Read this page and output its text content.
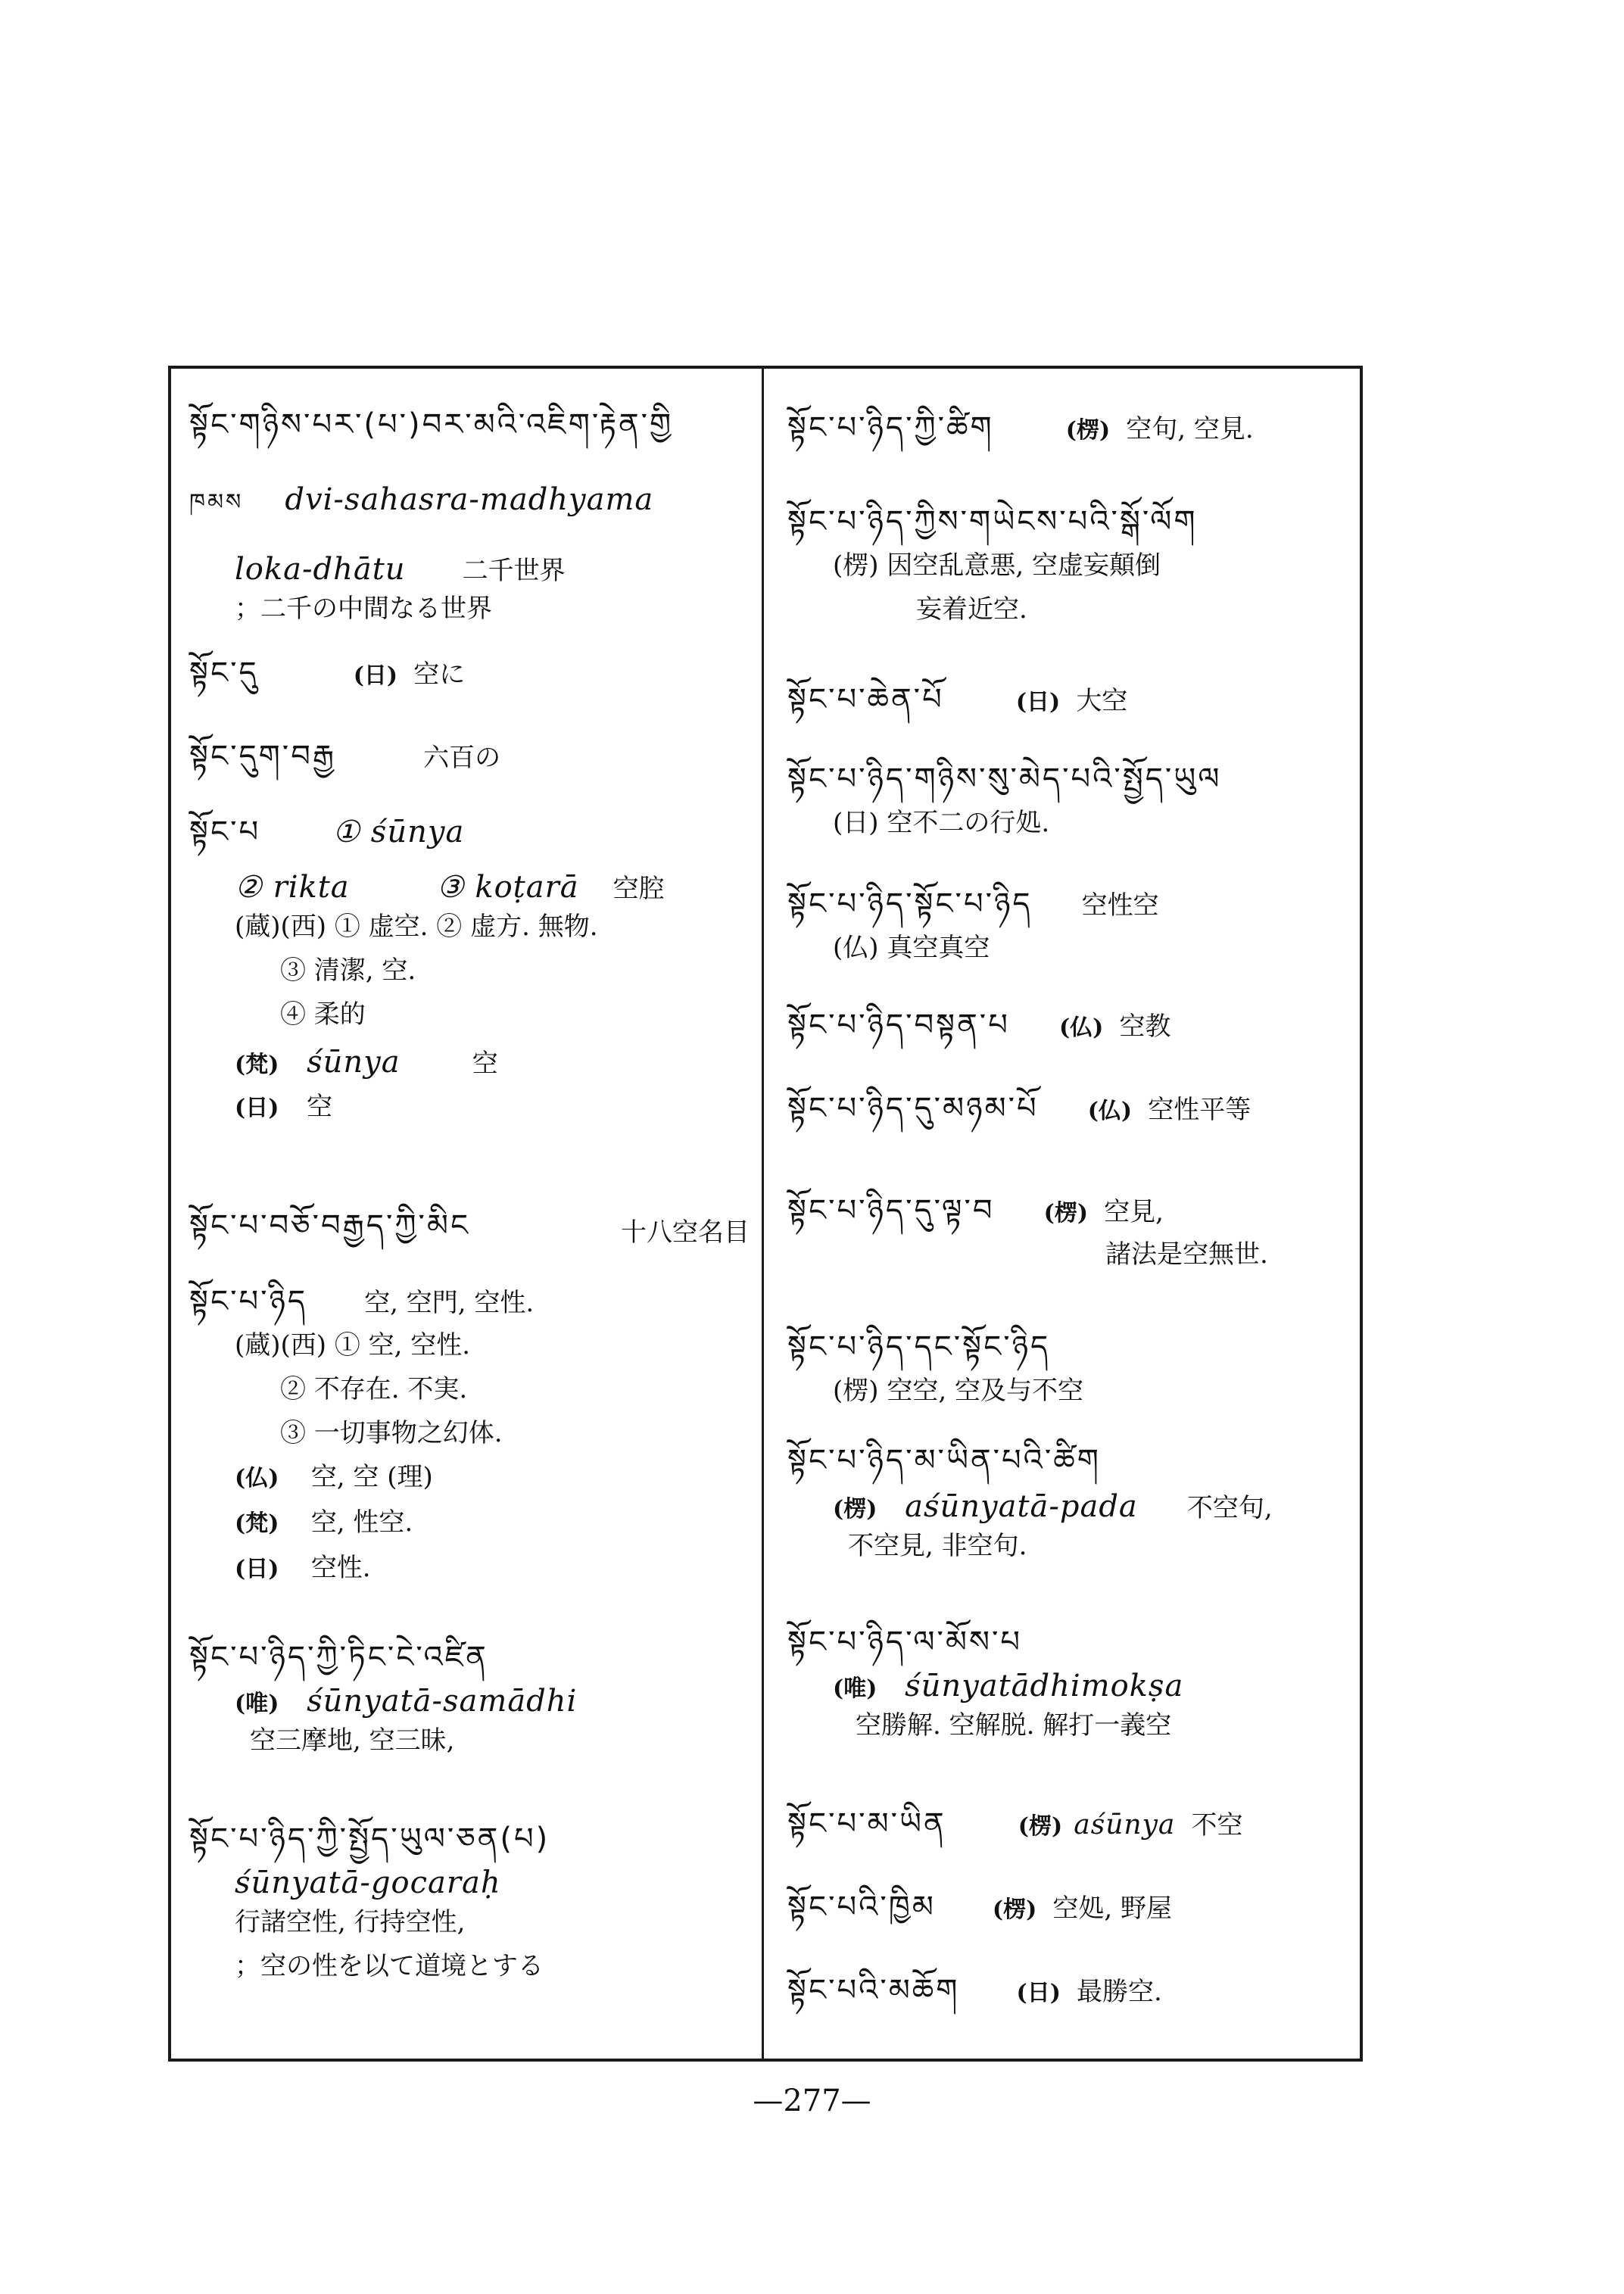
སྟོང་གཉིས་པར་(པ་)བར་མའི་འཇིག་རྟེན་གྱི
ཁམས dvi-sahasra-madhyama
loka-dhātu 二千世界
；二千の中間なる世界
སྟོང་དུ	(日) 空に
སྟོང་དུག་བརྒྱ	六百の
སྟོང་པ ① śūnya
② rikta	③ koṭarā 空腔
(蔵)(西) ① 虚空. ② 虚方. 無物.
③ 清潔, 空.
④ 柔的
(梵) śūnya	空
(日) 空
སྟོང་པ་བཅོ་བརྒྱད་ཀྱི་མིང	十八空名目
སྟོང་པ་ཉིད 空, 空門, 空性.
(蔵)(西) ① 空, 空性.
② 不存在. 不実.
③ 一切事物之幻体.
(仏) 空, 空 (理)
(梵) 空, 性空.
(日) 空性.
སྟོང་པ་ཉིད་ཀྱི་ཏིང་ངེ་འཛིན
(唯) śūnyatā-samādhi
空三摩地, 空三昧,
སྟོང་པ་ཉིད་ཀྱི་སྤྱོད་ཡུལ་ཅན(པ)
śūnyatā-gocaraḥ
行諸空性, 行持空性,
；空の性を以て道境とする
སྟོང་པ་ཉིད་ཀྱི་ཚིག	(楞) 空句, 空見.
སྟོང་པ་ཉིད་ཀྱིས་གཡེངས་པའི་སྒོ་ལོག
(楞) 因空乱意悪, 空虚妄顛倒
妄着近空.
སྟོང་པ་ཆེན་པོ	(日) 大空
སྟོང་པ་ཉིད་གཉིས་སུ་མེད་པའི་སྤྱོད་ཡུལ
(日) 空不二の行処.
སྟོང་པ་ཉིད་སྟོང་པ་ཉིད 空性空
(仏) 真空真空
སྟོང་པ་ཉིད་བསྟན་པ (仏) 空教
སྟོང་པ་ཉིད་དུ་མཉམ་པོ (仏) 空性平等
སྟོང་པ་ཉིད་དུ་ལྟ་བ (楞) 空見,
諸法是空無世.
སྟོང་པ་ཉིད་དང་སྟོང་ཉིད
(楞) 空空, 空及与不空
སྟོང་པ་ཉིད་མ་ཡིན་པའི་ཚིག
(楞) aśūnyatā-pada 不空句,
不空見, 非空句.
སྟོང་པ་ཉིད་ལ་མོས་པ
(唯) śūnyatādhimokṣa
空勝解. 空解脱. 解打一義空
སྟོང་པ་མ་ཡིན	(楞) aśūnya 不空
སྟོང་པའི་ཁྱིམ	(楞) 空処, 野屋
སྟོང་པའི་མཆོག	(日) 最勝空.
—277—
